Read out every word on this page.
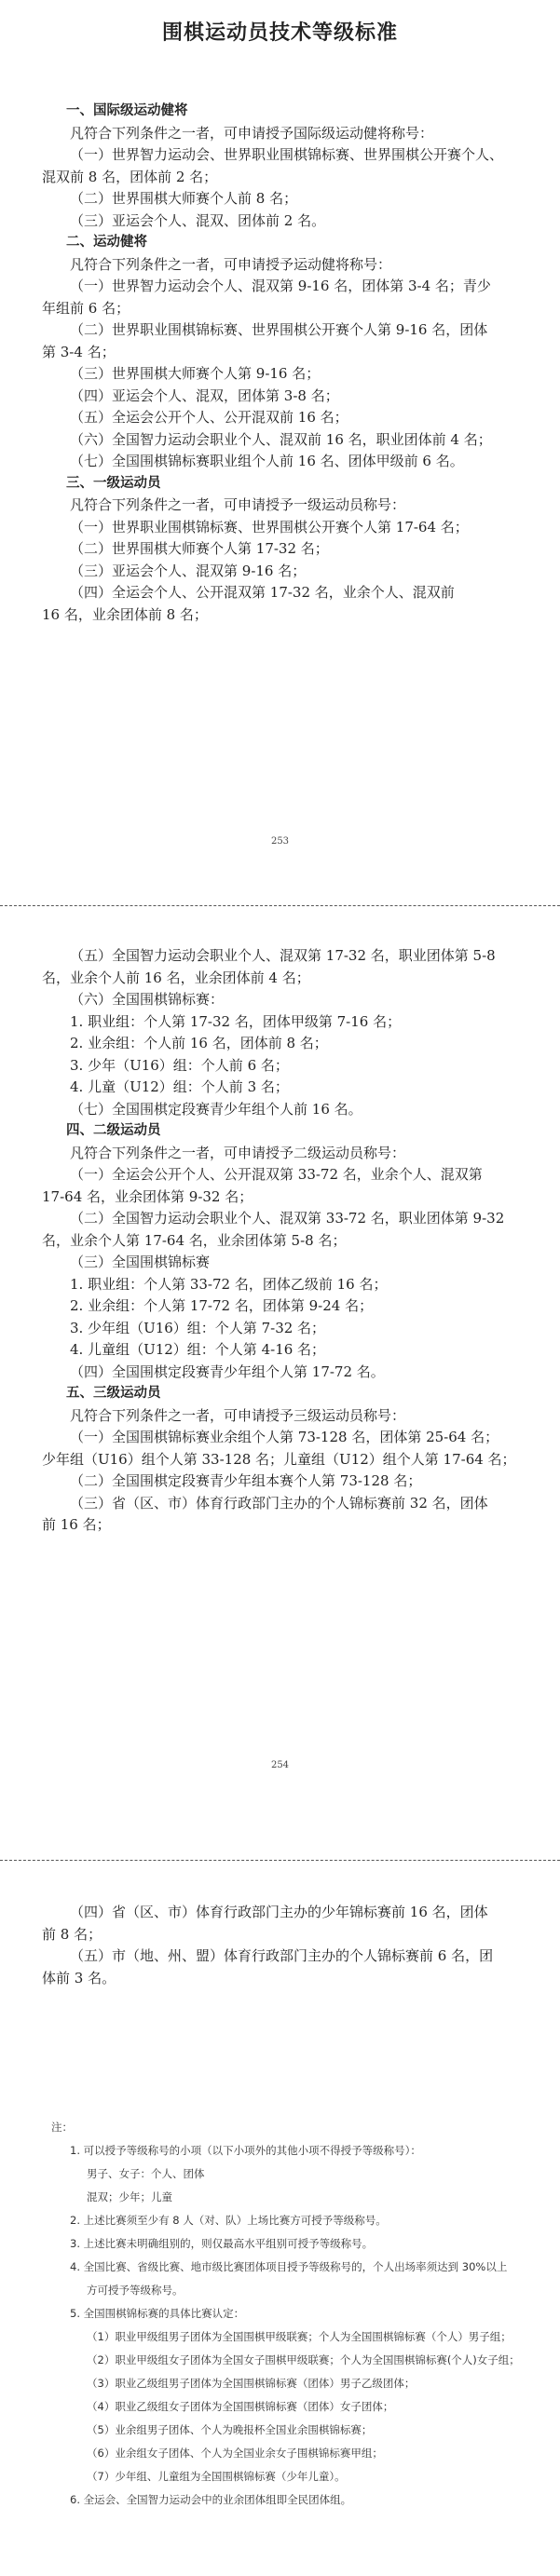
围棋运动员技术等级标准

一、国际级运动健将

凡符合下列条件之一者，可申请授予国际级运动健将称号：

（一）世界智力运动会、世界职业围棋锦标赛、世界围棋公开赛个人、

混双前 8 名，团体前 2 名；

（二）世界围棋大师赛个人前 8 名；

（三）亚运会个人、混双、团体前 2 名。

二、运动健将

凡符合下列条件之一者，可申请授予运动健将称号：

（一）世界智力运动会个人、混双第 9-16 名，团体第 3-4 名；青少

年组前 6 名；

（二）世界职业围棋锦标赛、世界围棋公开赛个人第 9-16 名，团体

第 3-4 名；

（三）世界围棋大师赛个人第 9-16 名；

（四）亚运会个人、混双，团体第 3-8 名；

（五）全运会公开个人、公开混双前 16 名；

（六）全国智力运动会职业个人、混双前 16 名，职业团体前 4 名；

（七）全国围棋锦标赛职业组个人前 16 名、团体甲级前 6 名。

三、一级运动员

凡符合下列条件之一者，可申请授予一级运动员称号：

（一）世界职业围棋锦标赛、世界围棋公开赛个人第 17-64 名；

（二）世界围棋大师赛个人第 17-32 名；

（三）亚运会个人、混双第 9-16 名；

（四）全运会个人、公开混双第 17-32 名，业余个人、混双前

16 名，业余团体前 8 名；

253

（五）全国智力运动会职业个人、混双第 17-32 名，职业团体第 5-8

名，业余个人前 16 名，业余团体前 4 名；

（六）全国围棋锦标赛：

1. 职业组：个人第 17-32 名，团体甲级第 7-16 名；

2. 业余组：个人前 16 名，团体前 8 名；

3. 少年（U16）组：个人前 6 名；

4. 儿童（U12）组：个人前 3 名；

（七）全国围棋定段赛青少年组个人前 16 名。

四、二级运动员

凡符合下列条件之一者，可申请授予二级运动员称号：

（一）全运会公开个人、公开混双第 33-72 名，业余个人、混双第

17-64 名，业余团体第 9-32 名；

（二）全国智力运动会职业个人、混双第 33-72 名，职业团体第 9-32

名，业余个人第 17-64 名，业余团体第 5-8 名；

（三）全国围棋锦标赛

1. 职业组：个人第 33-72 名，团体乙级前 16 名；

2. 业余组：个人第 17-72 名，团体第 9-24 名；

3. 少年组（U16）组：个人第 7-32 名；

4. 儿童组（U12）组：个人第 4-16 名；

（四）全国围棋定段赛青少年组个人第 17-72 名。

五、三级运动员

凡符合下列条件之一者，可申请授予三级运动员称号：

（一）全国围棋锦标赛业余组个人第 73-128 名，团体第 25-64 名；

少年组（U16）组个人第 33-128 名；儿童组（U12）组个人第 17-64 名；

（二）全国围棋定段赛青少年组本赛个人第 73-128 名；

（三）省（区、市）体育行政部门主办的个人锦标赛前 32 名，团体

前 16 名；

254

（四）省（区、市）体育行政部门主办的少年锦标赛前 16 名，团体

前 8 名；

（五）市（地、州、盟）体育行政部门主办的个人锦标赛前 6 名，团

体前 3 名。

注：

1. 可以授予等级称号的小项（以下小项外的其他小项不得授予等级称号）：

男子、女子：个人、团体

混双；少年；儿童

2. 上述比赛须至少有 8 人（对、队）上场比赛方可授予等级称号。

3. 上述比赛未明确组别的，则仅最高水平组别可授予等级称号。

4. 全国比赛、省级比赛、地市级比赛团体项目授予等级称号的，个人出场率须达到 30%以上

方可授予等级称号。

5. 全国围棋锦标赛的具体比赛认定：

（1）职业甲级组男子团体为全国围棋甲级联赛；个人为全国围棋锦标赛（个人）男子组；

（2）职业甲级组女子团体为全国女子围棋甲级联赛；个人为全国围棋锦标赛(个人)女子组；

（3）职业乙级组男子团体为全国围棋锦标赛（团体）男子乙级团体；

（4）职业乙级组女子团体为全国围棋锦标赛（团体）女子团体；

（5）业余组男子团体、个人为晚报杯全国业余围棋锦标赛；

（6）业余组女子团体、个人为全国业余女子围棋锦标赛甲组；

（7）少年组、儿童组为全国围棋锦标赛（少年儿童）。

6. 全运会、全国智力运动会中的业余团体组即全民团体组。
